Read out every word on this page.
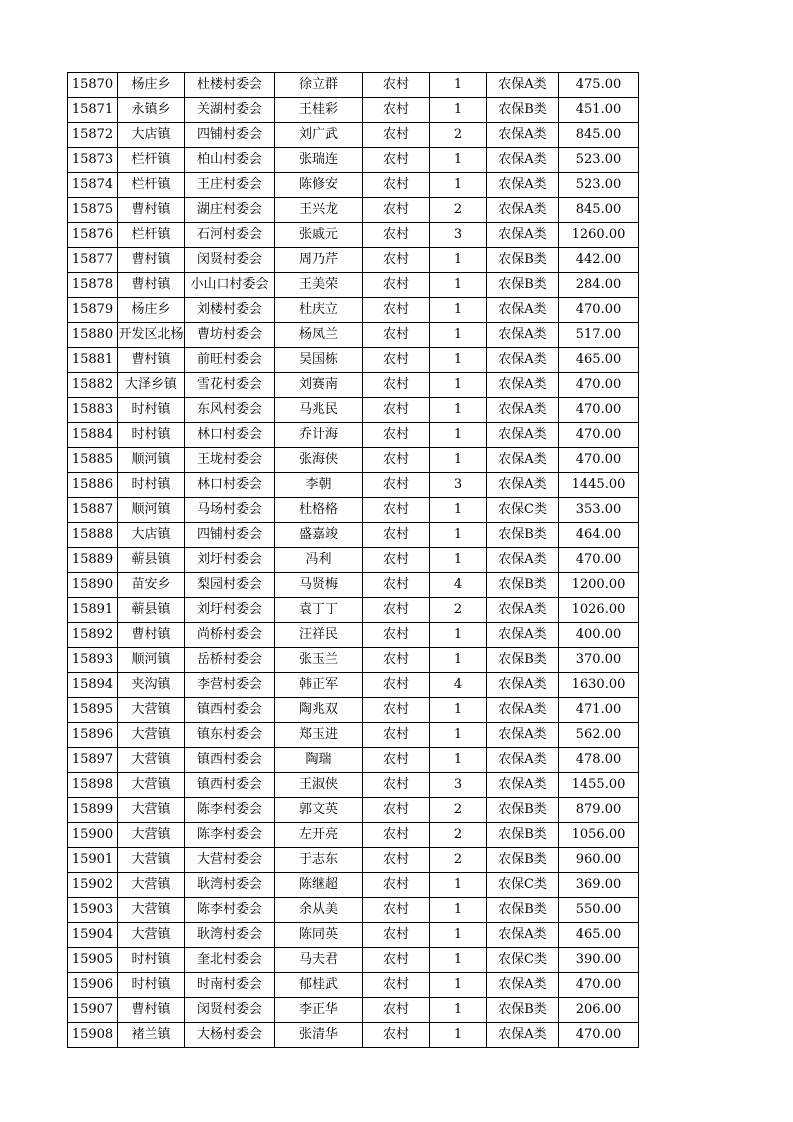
15870	杨庄乡	杜楼村委会	徐立群	农村	1	农保A类	475.00
15871	永镇乡	关湖村委会	王桂彩	农村	1	农保B类	451.00
15872	大店镇	四铺村委会	刘广武	农村	2	农保A类	845.00
15873	栏杆镇	柏山村委会	张瑞连	农村	1	农保A类	523.00
15874	栏杆镇	王庄村委会	陈修安	农村	1	农保A类	523.00
15875	曹村镇	湖庄村委会	王兴龙	农村	2	农保A类	845.00
15876	栏杆镇	石河村委会	张戚元	农村	3	农保A类	1260.00
15877	曹村镇	闵贤村委会	周乃芹	农村	1	农保B类	442.00
15878	曹村镇	小山口村委会	王美荣	农村	1	农保B类	284.00
15879	杨庄乡	刘楼村委会	杜庆立	农村	1	农保A类	470.00
15880	开发区北杨	曹坊村委会	杨凤兰	农村	1	农保A类	517.00
15881	曹村镇	前旺村委会	吴国栋	农村	1	农保A类	465.00
15882	大泽乡镇	雪花村委会	刘赛南	农村	1	农保A类	470.00
15883	时村镇	东风村委会	马兆民	农村	1	农保A类	470.00
15884	时村镇	林口村委会	乔计海	农村	1	农保A类	470.00
15885	顺河镇	王垅村委会	张海侠	农村	1	农保A类	470.00
15886	时村镇	林口村委会	李朝	农村	3	农保A类	1445.00
15887	顺河镇	马场村委会	杜格格	农村	1	农保C类	353.00
15888	大店镇	四铺村委会	盛嘉竣	农村	1	农保B类	464.00
15889	蕲县镇	刘圩村委会	冯利	农村	1	农保A类	470.00
15890	苗安乡	梨园村委会	马贤梅	农村	4	农保B类	1200.00
15891	蕲县镇	刘圩村委会	袁丁丁	农村	2	农保A类	1026.00
15892	曹村镇	尚桥村委会	汪祥民	农村	1	农保A类	400.00
15893	顺河镇	岳桥村委会	张玉兰	农村	1	农保B类	370.00
15894	夹沟镇	李营村委会	韩正军	农村	4	农保A类	1630.00
15895	大营镇	镇西村委会	陶兆双	农村	1	农保A类	471.00
15896	大营镇	镇东村委会	郑玉进	农村	1	农保A类	562.00
15897	大营镇	镇西村委会	陶瑞	农村	1	农保A类	478.00
15898	大营镇	镇西村委会	王淑侠	农村	3	农保A类	1455.00
15899	大营镇	陈李村委会	郭文英	农村	2	农保B类	879.00
15900	大营镇	陈李村委会	左开亮	农村	2	农保B类	1056.00
15901	大营镇	大营村委会	于志东	农村	2	农保B类	960.00
15902	大营镇	耿湾村委会	陈继超	农村	1	农保C类	369.00
15903	大营镇	陈李村委会	余从美	农村	1	农保B类	550.00
15904	大营镇	耿湾村委会	陈同英	农村	1	农保A类	465.00
15905	时村镇	奎北村委会	马夫君	农村	1	农保C类	390.00
15906	时村镇	时南村委会	郁桂武	农村	1	农保A类	470.00
15907	曹村镇	闵贤村委会	李正华	农村	1	农保B类	206.00
15908	褚兰镇	大杨村委会	张清华	农村	1	农保A类	470.00
